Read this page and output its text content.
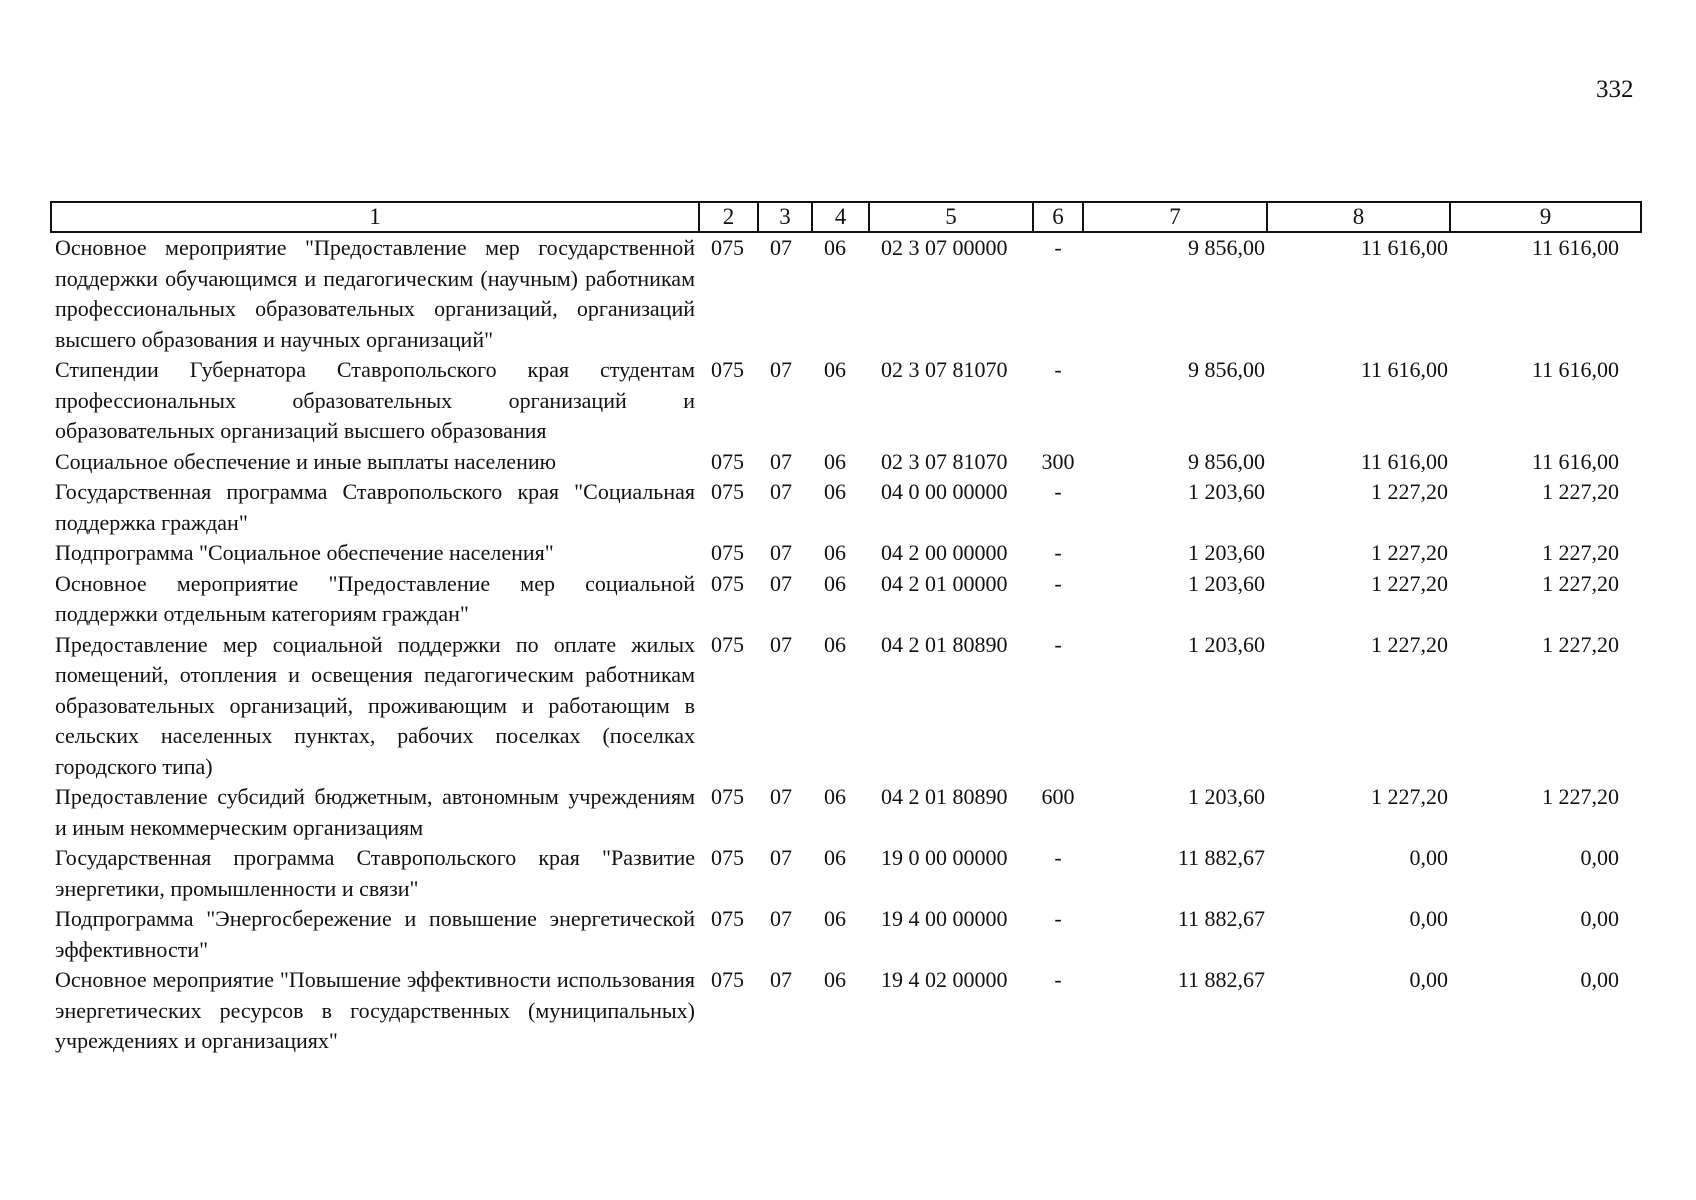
332
1	2	3	4	5	6	7	8	9
Основное мероприятие "Предоставление мер государственной поддержки обучающимся и педагогическим (научным) работникам профессиональных образовательных организаций, организаций высшего образования и научных организаций"	075	07	06	02 3 07 00000	-	9 856,00	11 616,00	11 616,00
Стипендии Губернатора Ставропольского края студентам профессиональных образовательных организаций и образовательных организаций высшего образования	075	07	06	02 3 07 81070	-	9 856,00	11 616,00	11 616,00
Социальное обеспечение и иные выплаты населению	075	07	06	02 3 07 81070	300	9 856,00	11 616,00	11 616,00
Государственная программа Ставропольского края "Социальная поддержка граждан"	075	07	06	04 0 00 00000	-	1 203,60	1 227,20	1 227,20
Подпрограмма "Социальное обеспечение населения"	075	07	06	04 2 00 00000	-	1 203,60	1 227,20	1 227,20
Основное мероприятие "Предоставление мер социальной поддержки отдельным категориям граждан"	075	07	06	04 2 01 00000	-	1 203,60	1 227,20	1 227,20
Предоставление мер социальной поддержки по оплате жилых помещений, отопления и освещения педагогическим работникам образовательных организаций, проживающим и работающим в сельских населенных пунктах, рабочих поселках (поселках городского типа)	075	07	06	04 2 01 80890	-	1 203,60	1 227,20	1 227,20
Предоставление субсидий бюджетным, автономным учреждениям и иным некоммерческим организациям	075	07	06	04 2 01 80890	600	1 203,60	1 227,20	1 227,20
Государственная программа Ставропольского края "Развитие энергетики, промышленности и связи"	075	07	06	19 0 00 00000	-	11 882,67	0,00	0,00
Подпрограмма "Энергосбережение и повышение энергетической эффективности"	075	07	06	19 4 00 00000	-	11 882,67	0,00	0,00
Основное мероприятие "Повышение эффективности использования энергетических ресурсов в государственных (муниципальных) учреждениях и организациях"	075	07	06	19 4 02 00000	-	11 882,67	0,00	0,00
